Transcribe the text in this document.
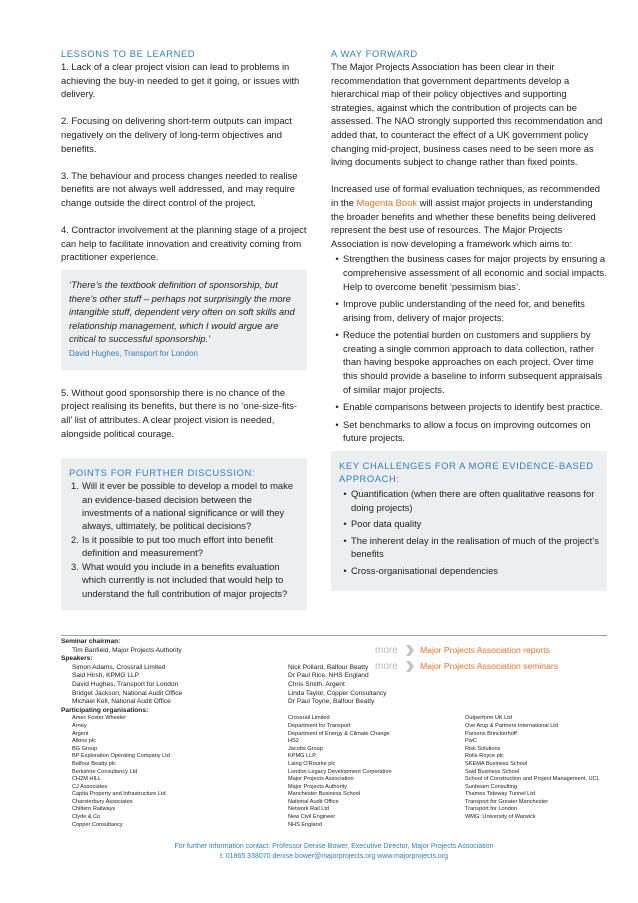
LESSONS TO BE LEARNED

1. Lack of a clear project vision can lead to problems in achieving the buy-in needed to get it going, or issues with delivery.

2. Focusing on delivering short-term outputs can impact negatively on the delivery of long-term objectives and benefits.

3. The behaviour and process changes needed to realise benefits are not always well addressed, and may require change outside the direct control of the project.

4. Contractor involvement at the planning stage of a project can help to facilitate innovation and creativity coming from practitioner experience.

‘There’s the textbook definition of sponsorship, but there’s other stuff – perhaps not surprisingly the more intangible stuff, dependent very often on soft skills and relationship management, which I would argue are critical to successful sponsorship.’

David Hughes, Transport for London

5. Without good sponsorship there is no chance of the project realising its benefits, but there is no ‘one-size-fits-all’ list of attributes. A clear project vision is needed, alongside political courage.

POINTS FOR FURTHER DISCUSSION:
1. Will it ever be possible to develop a model to make an evidence-based decision between the investments of a national significance or will they always, ultimately, be political decisions?
2. Is it possible to put too much effort into benefit definition and measurement?
3. What would you include in a benefits evaluation which currently is not included that would help to understand the full contribution of major projects?
A WAY FORWARD

The Major Projects Association has been clear in their recommendation that government departments develop a hierarchical map of their policy objectives and supporting strategies, against which the contribution of projects can be assessed. The NAO strongly supported this recommendation and added that, to counteract the effect of a UK government policy changing mid-project, business cases need to be seen more as living documents subject to change rather than fixed points.

Increased use of formal evaluation techniques, as recommended in the Magenta Book will assist major projects in understanding the broader benefits and whether these benefits being delivered represent the best use of resources. The Major Projects Association is now developing a framework which aims to:

• Strengthen the business cases for major projects by ensuring a comprehensive assessment of all economic and social impacts. Help to overcome benefit ‘pessimism bias’.
• Improve public understanding of the need for, and benefits arising from, delivery of major projects.
• Reduce the potential burden on customers and suppliers by creating a single common approach to data collection, rather than having bespoke approaches on each project. Over time this should provide a baseline to inform subsequent appraisals of similar major projects.
• Enable comparisons between projects to identify best practice.
• Set benchmarks to allow a focus on improving outcomes on future projects.
KEY CHALLENGES FOR A MORE EVIDENCE-BASED APPROACH:
• Quantification (when there are often qualitative reasons for doing projects)
• Poor data quality
• The inherent delay in the realisation of much of the project’s benefits
• Cross-organisational dependencies
more	Major Projects Association reports
more	Major Projects Association seminars
Seminar chairman:
Tim Banfield, Major Projects Authority
Speakers:
Simon Adams, Crossrail Limited
Said Hirsh, KPMG LLP
David Hughes, Transport for London
Bridget Jackson, National Audit Office
Michael Kell, National Audit Office
Nick Pollard, Balfour Beatty
Dr Paul Rice, NHS England
Chris Smith, Argent
Linda Taylor, Copper Consultancy
Dr Paul Toyne, Balfour Beatty
Participating organisations:
Amec Foster Wheeler
Arney
Argent
Atkins plc
BG Group
BP Exploration Operating Company Ltd
Balfour Beatty plc
Berkshire Consultancy Ltd
CH2M HILL
CJ Associates
Capita Property and Infrastructure Ltd
Charsterbury Associates
Chiltern Railways
Clyde & Co
Copper Consultancy
Crossrail Limited
Department for Transport
Department of Energy & Climate Change
HS2
Jacobs Group
KPMG LLP
Laing O'Rourke plc
London Legacy Development Corporation
Major Projects Association
Major Projects Authority
Manchester Business School
National Audit Office
Network Rail Ltd
New Civil Engineer
NHS England
Outperform UK Ltd
Ove Arup & Partners International Ltd
Parsons Brinckerhoff
PwC
Risk Solutions
Rolls-Royce plc
SKEMA Business School
Said Business School
School of Construction and Project Management, UCL
Sunbeam Consulting
Thames Tideway Tunnel Ltd
Transport for Greater Manchester
Transport for London
WMG: University of Warwick
For further information contact: Professor Denise Bower, Executive Director, Major Projects Association
t: 01865 338070 denise.bower@majorprojects.org www.majorprojects.org
